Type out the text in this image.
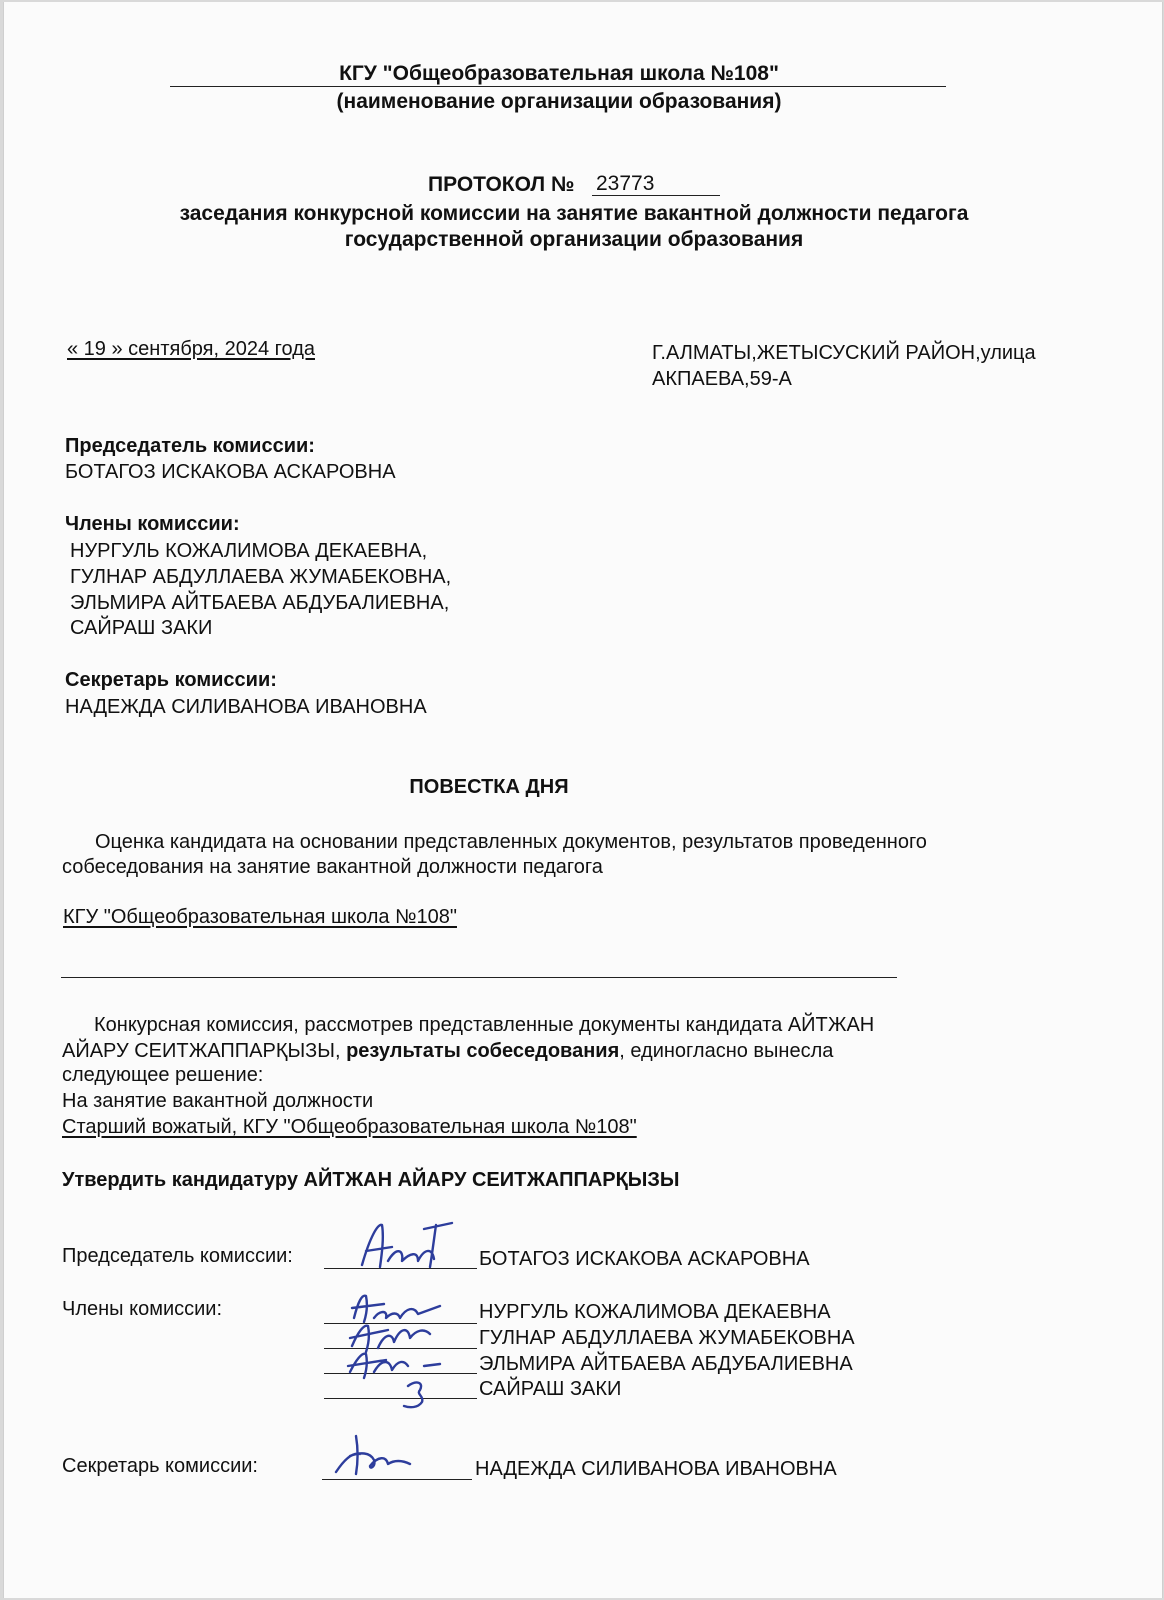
КГУ "Общеобразовательная школа №108"
(наименование организации образования)
ПРОТОКОЛ № 23773
заседания конкурсной комиссии на занятие вакантной должности педагога
государственной организации образования
« 19 » сентября, 2024 года	Г.АЛМАТЫ,ЖЕТЫСУСКИЙ РАЙОН,улица
АКПАЕВА,59-А
Председатель комиссии:
БОТАГОЗ ИСКАКОВА АСКАРОВНА
Члены комиссии:
НУРГУЛЬ КОЖАЛИМОВА ДЕКАЕВНА,
ГУЛНАР АБДУЛЛАЕВА ЖУМАБЕКОВНА,
ЭЛЬМИРА АЙТБАЕВА АБДУБАЛИЕВНА,
САЙРАШ ЗАКИ
Секретарь комиссии:
НАДЕЖДА СИЛИВАНОВА ИВАНОВНА
ПОВЕСТКА ДНЯ
Оценка кандидата на основании представленных документов, результатов проведенного
собеседования на занятие вакантной должности педагога
КГУ "Общеобразовательная школа №108"
Конкурсная комиссия, рассмотрев представленные документы кандидата АЙТЖАН
АЙАРУ СЕИТЖАППАРҚЫЗЫ, результаты собеседования, единогласно вынесла
следующее решение:
На занятие вакантной должности
Старший вожатый, КГУ "Общеобразовательная школа №108"
Утвердить кандидатуру АЙТЖАН АЙАРУ СЕИТЖАППАРҚЫЗЫ
Председатель комиссии:	БОТАГОЗ ИСКАКОВА АСКАРОВНА
Члены комиссии:	НУРГУЛЬ КОЖАЛИМОВА ДЕКАЕВНА
ГУЛНАР АБДУЛЛАЕВА ЖУМАБЕКОВНА
ЭЛЬМИРА АЙТБАЕВА АБДУБАЛИЕВНА
САЙРАШ ЗАКИ
Секретарь комиссии:	НАДЕЖДА СИЛИВАНОВА ИВАНОВНА
